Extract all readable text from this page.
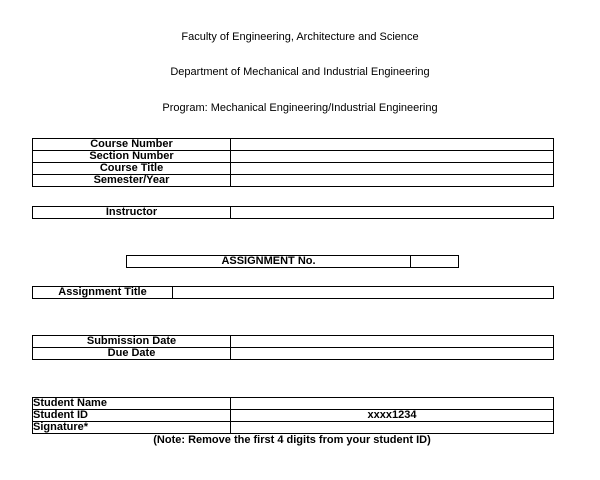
Faculty of Engineering, Architecture and Science
Department of Mechanical and Industrial Engineering
Program: Mechanical Engineering/Industrial Engineering
Course Number	
Section Number	
Course Title	
Semester/Year	
Instructor	
ASSIGNMENT No.	
Assignment Title	
Submission Date	
Due Date	
Student Name	
Student ID	xxxx1234
Signature*	
(Note: Remove the first 4 digits from your student ID)
